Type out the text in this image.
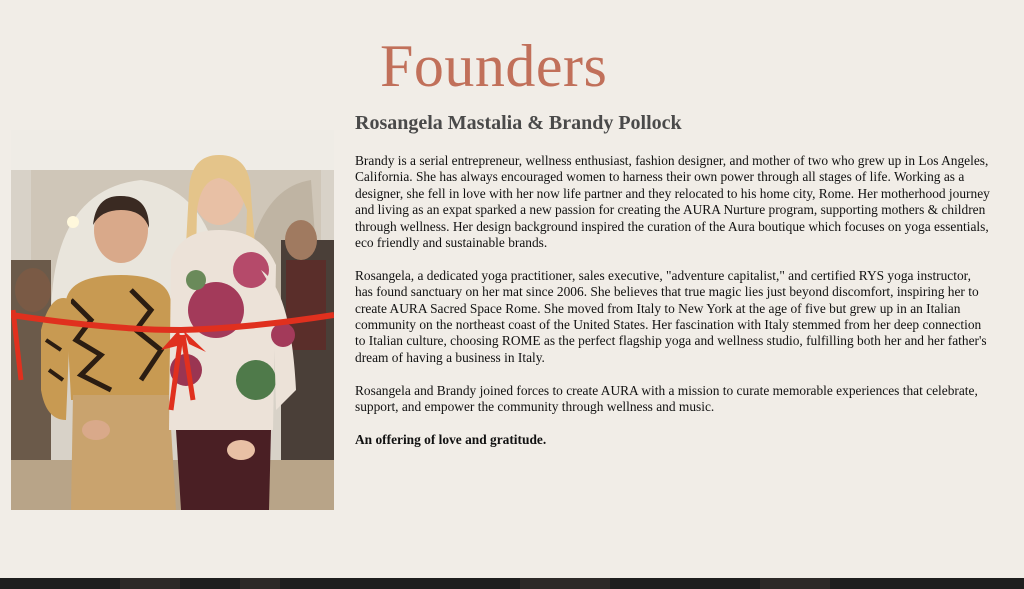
Founders
Rosangela Mastalia & Brandy Pollock

Brandy is a serial entrepreneur, wellness enthusiast, fashion designer, and mother of two who grew up in Los Angeles, California. She has always encouraged women to harness their own power through all stages of life. Working as a designer, she fell in love with her now life partner and they relocated to his home city, Rome. Her motherhood journey and living as an expat sparked a new passion for creating the AURA Nurture program, supporting mothers & children through wellness. Her design background inspired the curation of the Aura boutique which focuses on yoga essentials, eco friendly and sustainable brands.

Rosangela, a dedicated yoga practitioner, sales executive, "adventure capitalist," and certified RYS yoga instructor, has found sanctuary on her mat since 2006. She believes that true magic lies just beyond discomfort, inspiring her to create AURA Sacred Space Rome. She moved from Italy to New York at the age of five but grew up in an Italian community on the northeast coast of the United States. Her fascination with Italy stemmed from her deep connection to Italian culture, choosing ROME as the perfect flagship yoga and wellness studio, fulfilling both her and her father's dream of having a business in Italy.

Rosangela and Brandy joined forces to create AURA with a mission to curate memorable experiences that celebrate, support, and empower the community through wellness and music.

An offering of love and gratitude.
